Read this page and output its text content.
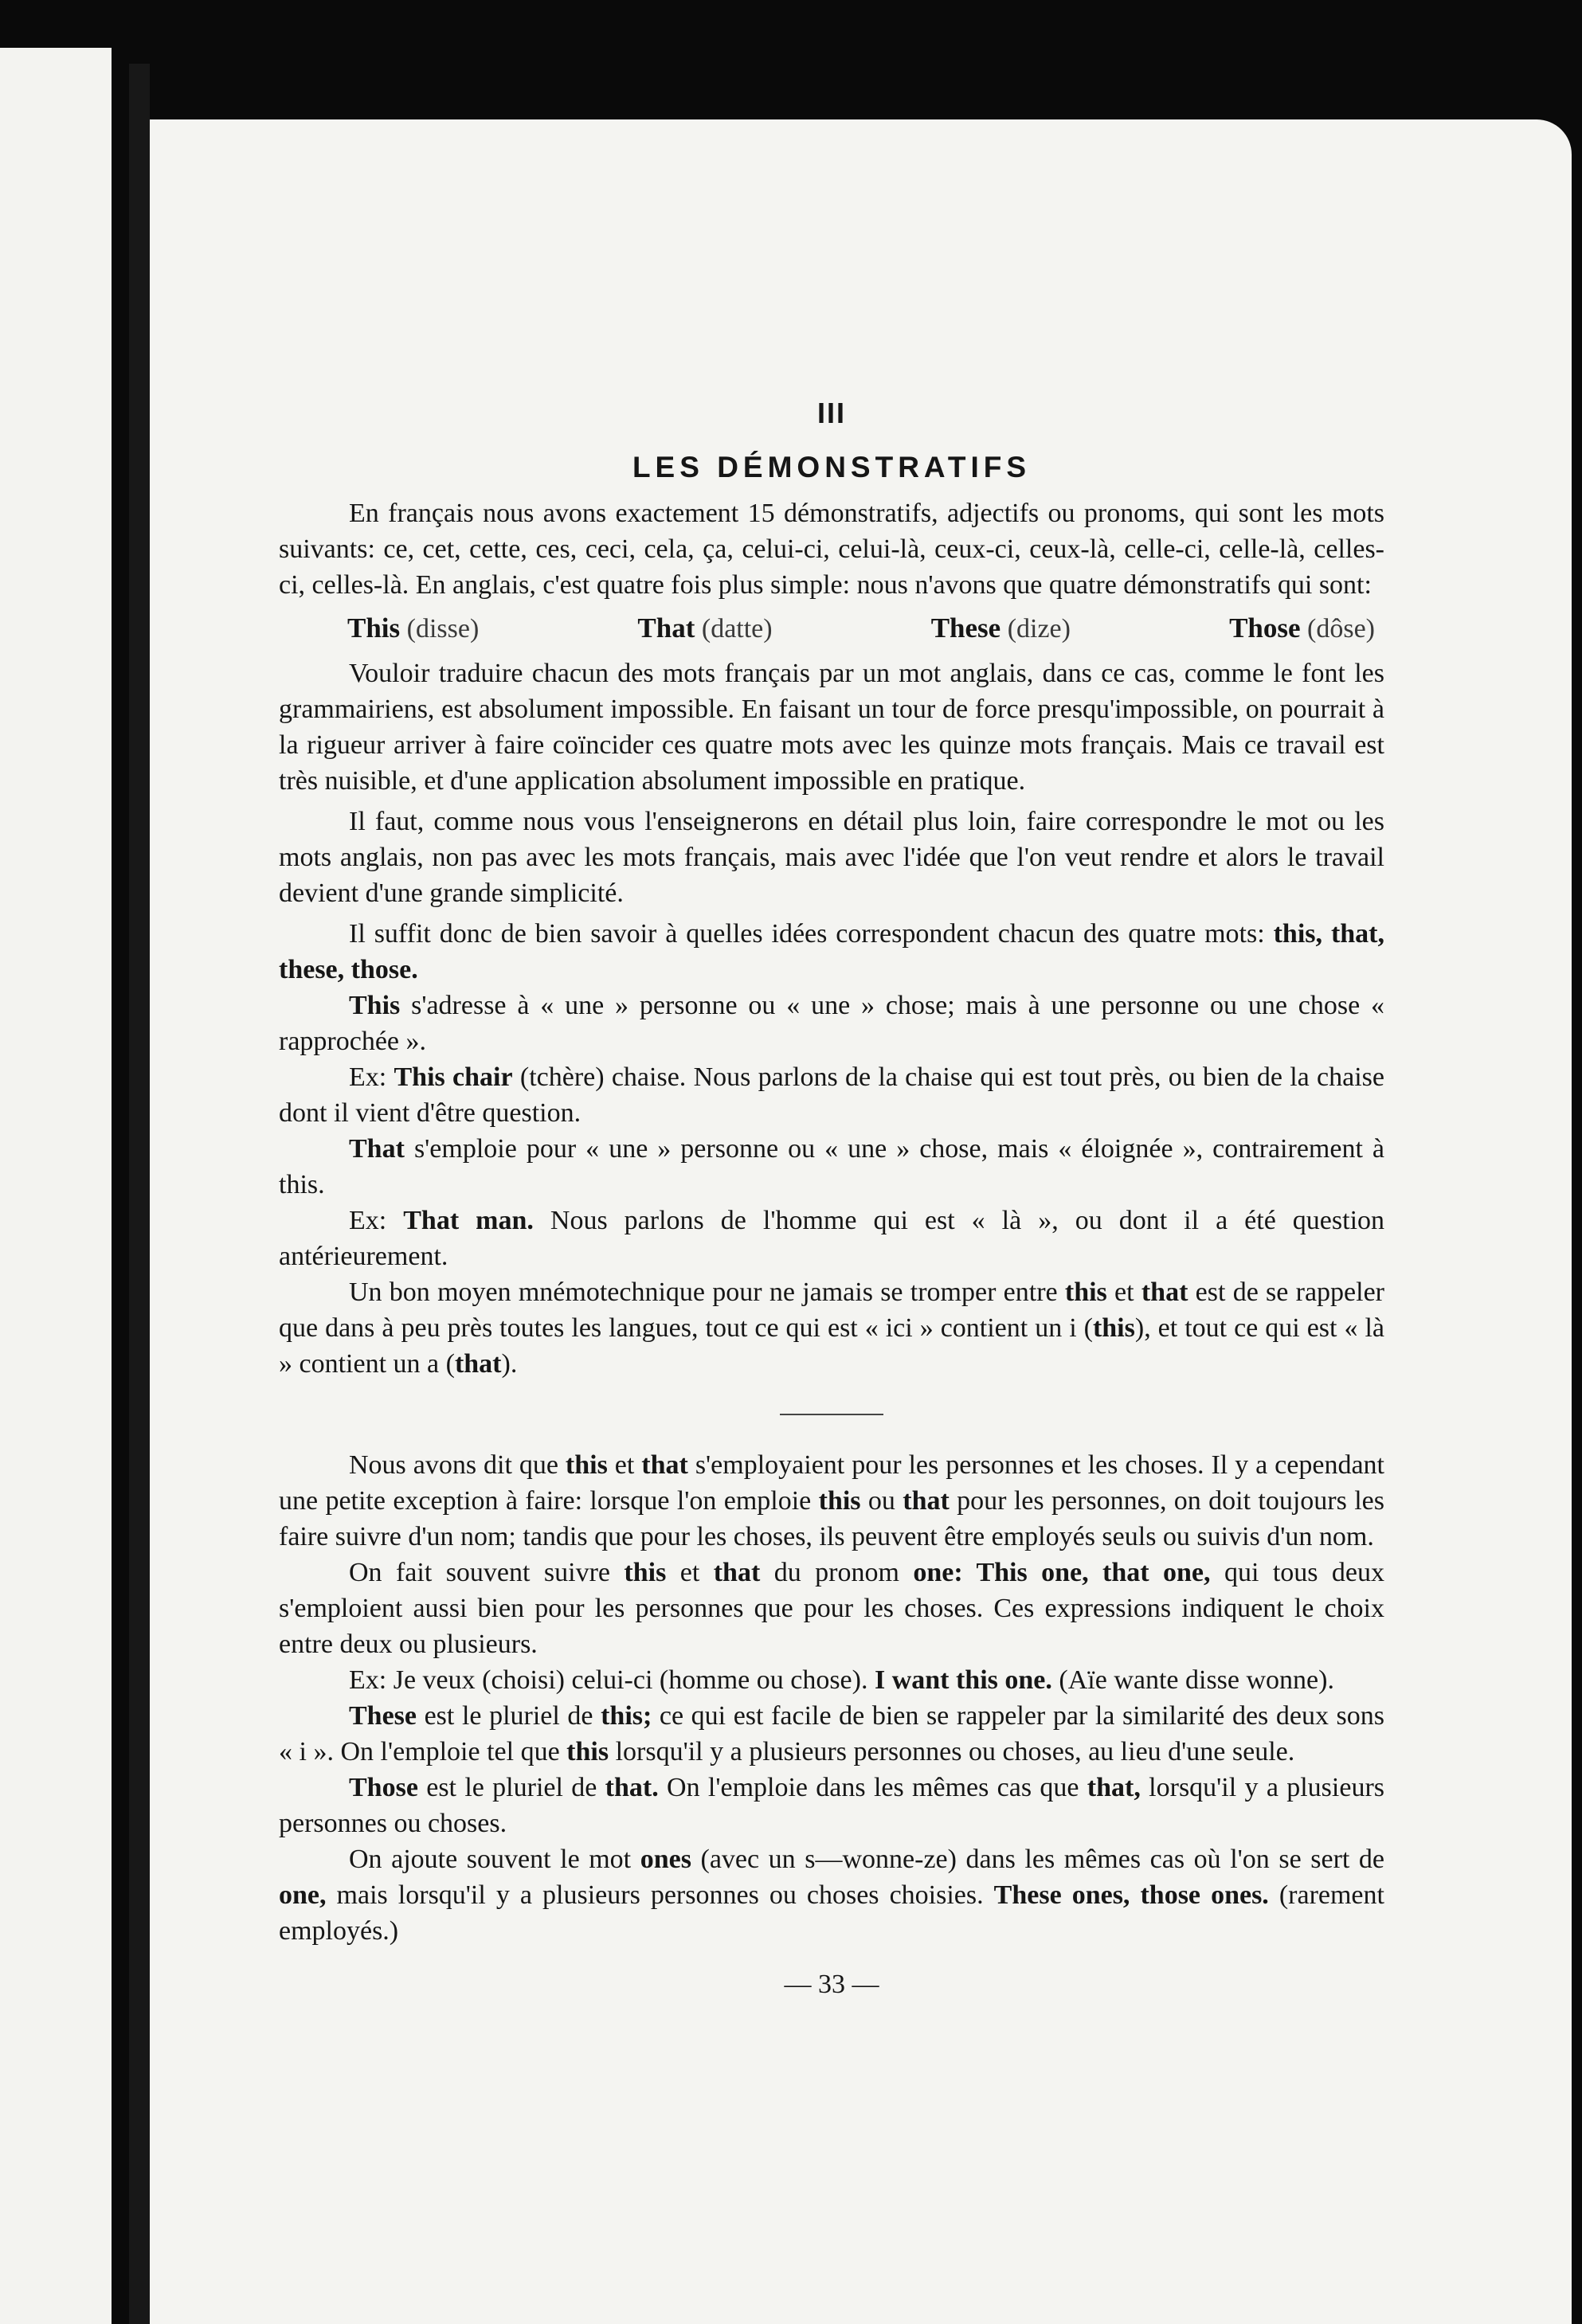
III
LES DÉMONSTRATIFS

En français nous avons exactement 15 démonstratifs, adjectifs ou pronoms, qui sont les mots suivants: ce, cet, cette, ces, ceci, cela, ça, celui-ci, celui-là, ceux-ci, ceux-là, celle-ci, celle-là, celles-ci, celles-là. En anglais, c'est quatre fois plus simple: nous n'avons que quatre démonstratifs qui sont:

This (disse)	That (datte)	These (dize)	Those (dôse)

Vouloir traduire chacun des mots français par un mot anglais, dans ce cas, comme le font les grammairiens, est absolument impossible. En faisant un tour de force presqu'impossible, on pourrait à la rigueur arriver à faire coïncider ces quatre mots avec les quinze mots français. Mais ce travail est très nuisible, et d'une application absolument impossible en pratique.

Il faut, comme nous vous l'enseignerons en détail plus loin, faire correspondre le mot ou les mots anglais, non pas avec les mots français, mais avec l'idée que l'on veut rendre et alors le travail devient d'une grande simplicité.

Il suffit donc de bien savoir à quelles idées correspondent chacun des quatre mots: this, that, these, those.

This s'adresse à « une » personne ou « une » chose; mais à une personne ou une chose « rapprochée ».

Ex: This chair (tchère) chaise. Nous parlons de la chaise qui est tout près, ou bien de la chaise dont il vient d'être question.

That s'emploie pour « une » personne ou « une » chose, mais « éloignée », contrairement à this.

Ex: That man. Nous parlons de l'homme qui est « là », ou dont il a été question antérieurement.

Un bon moyen mnémotechnique pour ne jamais se tromper entre this et that est de se rappeler que dans à peu près toutes les langues, tout ce qui est « ici » contient un i (this), et tout ce qui est « là » contient un a (that).

Nous avons dit que this et that s'employaient pour les personnes et les choses. Il y a cependant une petite exception à faire: lorsque l'on emploie this ou that pour les personnes, on doit toujours les faire suivre d'un nom; tandis que pour les choses, ils peuvent être employés seuls ou suivis d'un nom.

On fait souvent suivre this et that du pronom one: This one, that one, qui tous deux s'emploient aussi bien pour les personnes que pour les choses. Ces expressions indiquent le choix entre deux ou plusieurs.

Ex: Je veux (choisi) celui-ci (homme ou chose). I want this one. (Aïe wante disse wonne).

These est le pluriel de this; ce qui est facile de bien se rappeler par la similarité des deux sons « i ». On l'emploie tel que this lorsqu'il y a plusieurs personnes ou choses, au lieu d'une seule.

Those est le pluriel de that. On l'emploie dans les mêmes cas que that, lorsqu'il y a plusieurs personnes ou choses.

On ajoute souvent le mot ones (avec un s—wonne-ze) dans les mêmes cas où l'on se sert de one, mais lorsqu'il y a plusieurs personnes ou choses choisies. These ones, those ones. (rarement employés.)

— 33 —
